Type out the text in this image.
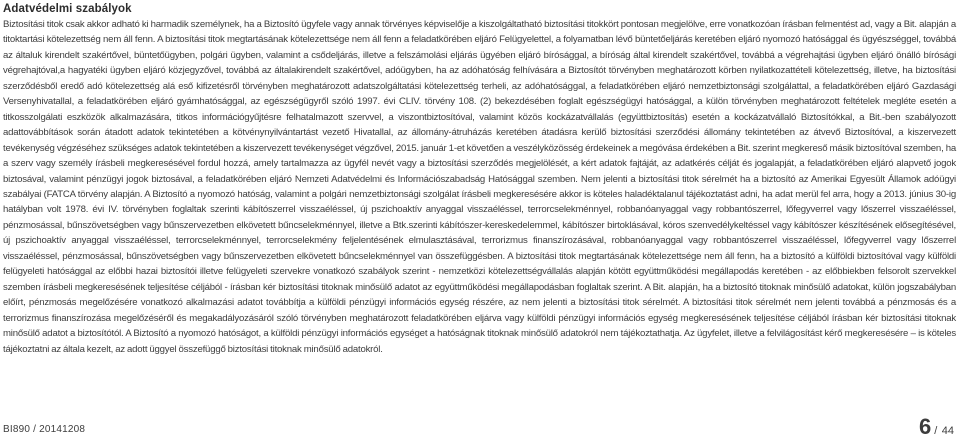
Adatvédelmi szabályok

Biztosítási titok csak akkor adható ki harmadik személynek, ha a Biztosító ügyfele vagy annak törvényes képviselője a kiszolgáltatható biztosítási titokkört pontosan megjelölve, erre vonatkozóan írásban felmentést ad, vagy a Bit. alapján a titoktartási kötelezettség nem áll fenn. A biztosítási titok megtartásának kötelezettsége nem áll fenn a feladatkörében eljáró Felügyelettel, a folyamatban lévő büntetőeljárás keretében eljáró nyomozó hatósággal és ügyészséggel, továbbá az általuk kirendelt szakértővel, büntetőügyben, polgári ügyben, valamint a csődeljárás, illetve a felszámolási eljárás ügyében eljáró bírósággal, a bíróság által kirendelt szakértővel, továbbá a végrehajtási ügyben eljáró önálló bírósági végrehajtóval,a hagyatéki ügyben eljáró közjegyzővel, továbbá az általakirendelt szakértővel, adóügyben, ha az adóhatóság felhívására a Biztosítót törvényben meghatározott körben nyilatkozattételi kötelezettség, illetve, ha biztosítási szerződésből eredő adó kötelezettség alá eső kifizetésről törvényben meghatározott adatszolgáltatási kötelezettség terheli, az adóhatósággal, a feladatkörében eljáró nemzetbiztonsági szolgálattal, a feladatkörében eljáró Gazdasági Versenyhivatallal, a feladatkörében eljáró gyámhatósággal, az egészségügyről szóló 1997. évi CLIV. törvény 108. (2) bekezdésében foglalt egészségügyi hatósággal, a külön törvényben meghatározott feltételek megléte esetén a titkosszolgálati eszközök alkalmazására, titkos információgyűjtésre felhatalmazott szervvel, a viszontbiztosítóval, valamint közös kockázatvállalás (együttbiztosítás) esetén a kockázatvállaló Biztosítókkal, a Bit.-ben szabályozott adattovábbítások során átadott adatok tekintetében a kötvénynyilvántartást vezető Hivatallal, az állomány-átruházás keretében átadásra kerülő biztosítási szerződési állomány tekintetében az átvevő Biztosítóval, a kiszervezett tevékenység végzéséhez szükséges adatok tekintetében a kiszervezett tevékenységet végzővel, 2015. január 1-et követően a veszélyközösség érdekeinek a megóvása érdekében a Bit. szerint megkereső másik biztosítóval szemben, ha a szerv vagy személy írásbeli megkeresésével fordul hozzá, amely tartalmazza az ügyfél nevét vagy a biztosítási szerződés megjelölését, a kért adatok fajtáját, az adatkérés célját és jogalapját, a feladatkörében eljáró alapvető jogok biztosával, valamint pénzügyi jogok biztosával, a feladatkörében eljáró Nemzeti Adatvédelmi és Információszabadság Hatósággal szemben. Nem jelenti a biztosítási titok sérelmét ha a biztosító az Amerikai Egyesült Államok adóügyi szabályai (FATCA törvény alapján. A Biztosító a nyomozó hatóság, valamint a polgári nemzetbiztonsági szolgálat írásbeli megkeresésére akkor is köteles haladéktalanul tájékoztatást adni, ha adat merül fel arra, hogy a 2013. június 30-ig hatályban volt 1978. évi IV. törvényben foglaltak szerinti kábítószerrel visszaéléssel, új pszichoaktív anyaggal visszaéléssel, terrorcselekménnyel, robbanóanyaggal vagy robbantószerrel, lőfegyverrel vagy lőszerrel visszaéléssel, pénzmosással, bűnszövetségben vagy bűnszervezetben elkövetett bűncselekménnyel, illetve a Btk.szerinti kábítószer-kereskedelemmel, kábítószer birtoklásával, kóros szenvedélykeltéssel vagy kábítószer készítésének elősegítésével, új pszichoaktív anyaggal visszaéléssel, terrorcselekménnyel, terrorcselekmény feljelentésének elmulasztásával, terrorizmus finanszírozásával, robbanóanyaggal vagy robbantószerrel visszaéléssel, lőfegyverrel vagy lőszerrel visszaéléssel, pénzmosással, bűnszövetségben vagy bűnszervezetben elkövetett bűncselekménnyel van összefüggésben. A biztosítási titok megtartásának kötelezettsége nem áll fenn, ha a biztosító a külföldi biztosítóval vagy külföldi felügyeleti hatósággal az előbbi hazai biztosítói illetve felügyeleti szervekre vonatkozó szabályok szerint - nemzetközi kötelezettségvállalás alapján kötött együttműködési megállapodás keretében - az előbbiekben felsorolt szervekkel szemben írásbeli megkeresésének teljesítése céljából - írásban kér biztosítási titoknak minősülő adatot az együttműködési megállapodásban foglaltak szerint. A Bit. alapján, ha a biztosító titoknak minősülő adatokat, külön jogszabályban előírt, pénzmosás megelőzésére vonatkozó alkalmazási adatot továbbítja a külföldi pénzügyi információs egység részére, az nem jelenti a biztosítási titok sérelmét. A biztosítási titok sérelmét nem jelenti továbbá a pénzmosás és a terrorizmus finanszírozása megelőzéséről és megakadályozásáról szóló törvényben meghatározott feladatkörében eljárva vagy külföldi pénzügyi információs egység megkeresésének teljesítése céljából írásban kér biztosítási titoknak minősülő adatot a biztosítótól. A Biztosító a nyomozó hatóságot, a külföldi pénzügyi információs egységet a hatóságnak titoknak minősülő adatokról nem tájékoztathatja. Az ügyfelet, illetve a felvilágosítást kérő megkeresésére – is köteles tájékoztatni az általa kezelt, az adott üggyel összefüggő biztosítási titoknak minősülő adatokról.

BI890 / 20141208	6 / 44
